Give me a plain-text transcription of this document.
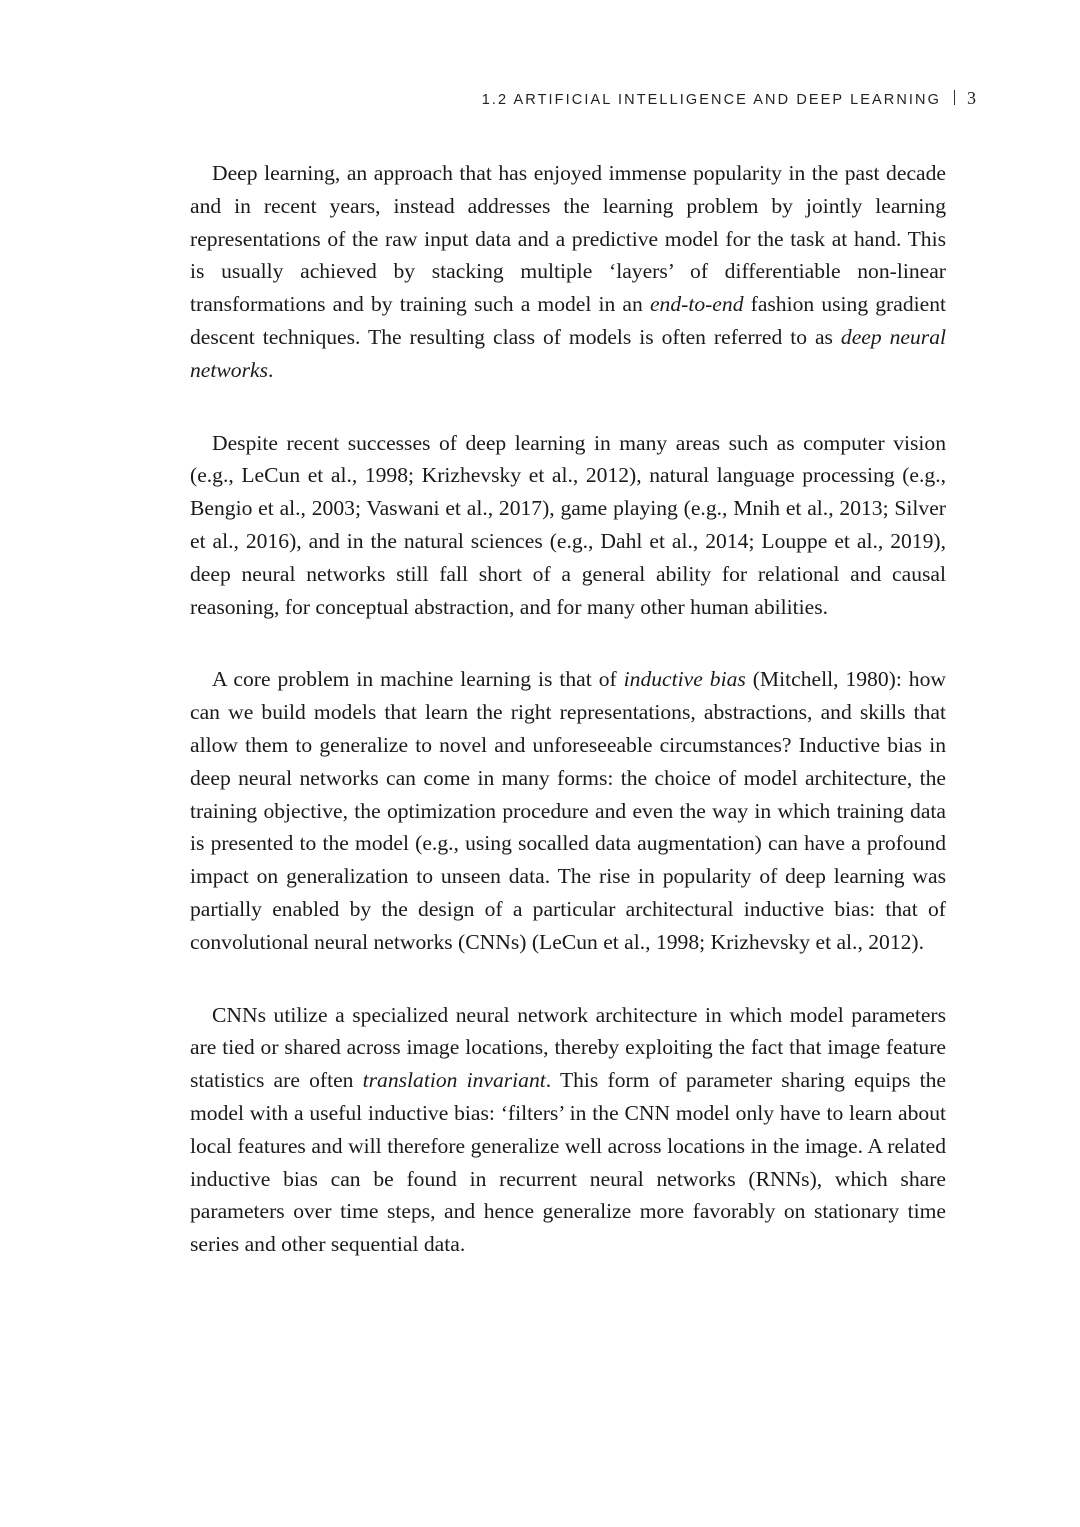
1.2 ARTIFICIAL INTELLIGENCE AND DEEP LEARNING 3

Deep learning, an approach that has enjoyed immense popularity in the past decade and in recent years, instead addresses the learning problem by jointly learning representations of the raw input data and a predictive model for the task at hand. This is usually achieved by stacking multiple ‘layers’ of differentiable non-linear transformations and by training such a model in an end-to-end fashion using gradient descent techniques. The resulting class of models is often referred to as deep neural networks.

Despite recent successes of deep learning in many areas such as computer vision (e.g., LeCun et al., 1998; Krizhevsky et al., 2012), natural language processing (e.g., Bengio et al., 2003; Vaswani et al., 2017), game playing (e.g., Mnih et al., 2013; Silver et al., 2016), and in the natural sciences (e.g., Dahl et al., 2014; Louppe et al., 2019), deep neural networks still fall short of a general ability for relational and causal reasoning, for conceptual abstraction, and for many other human abilities.

A core problem in machine learning is that of inductive bias (Mitchell, 1980): how can we build models that learn the right representations, abstractions, and skills that allow them to generalize to novel and unforeseeable circumstances? Inductive bias in deep neural networks can come in many forms: the choice of model architecture, the training objective, the optimization procedure and even the way in which training data is presented to the model (e.g., using socalled data augmentation) can have a profound impact on generalization to unseen data. The rise in popularity of deep learning was partially enabled by the design of a particular architectural inductive bias: that of convolutional neural networks (CNNs) (LeCun et al., 1998; Krizhevsky et al., 2012).

CNNs utilize a specialized neural network architecture in which model parameters are tied or shared across image locations, thereby exploiting the fact that image feature statistics are often translation invariant. This form of parameter sharing equips the model with a useful inductive bias: ‘filters’ in the CNN model only have to learn about local features and will therefore generalize well across locations in the image. A related inductive bias can be found in recurrent neural networks (RNNs), which share parameters over time steps, and hence generalize more favorably on stationary time series and other sequential data.
